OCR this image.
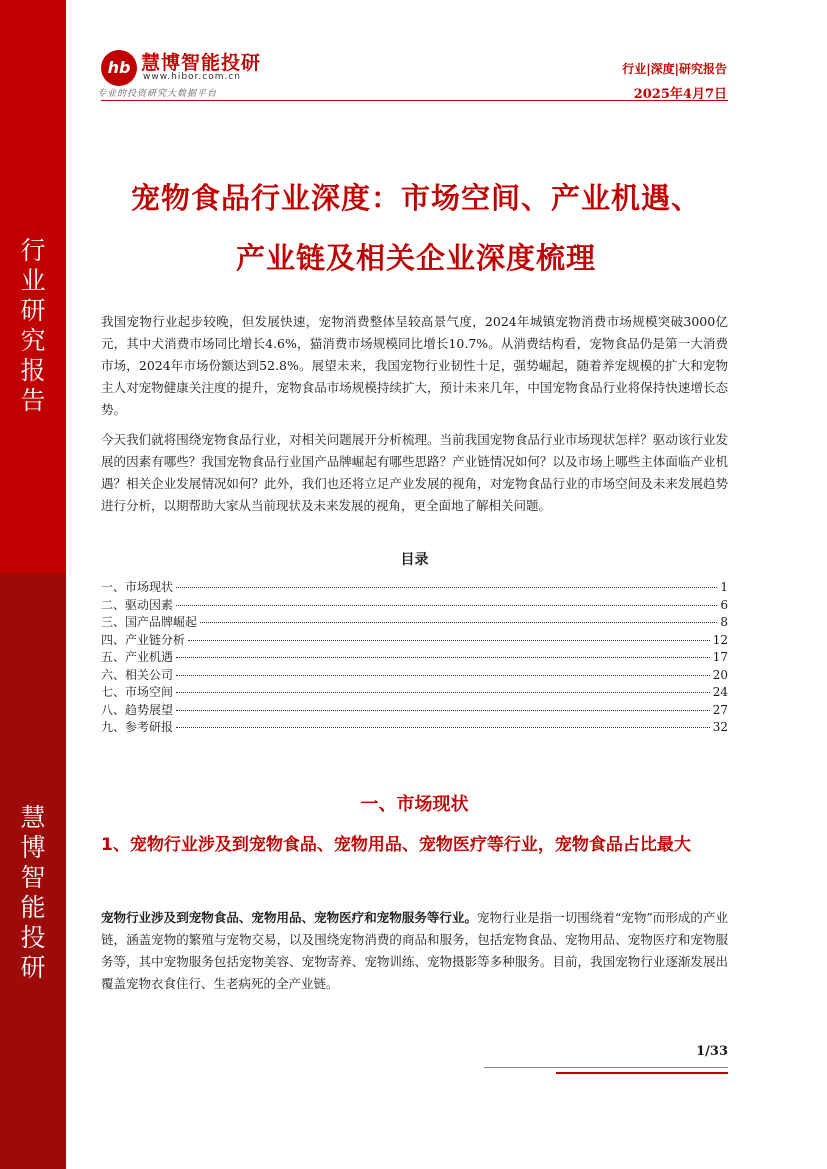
行
业
研
究
报
告
慧
博
智
能
投
研
hb 慧博智能投研
www.hibor.com.cn
专业的投资研究大数据平台
行业|深度|研究报告
2025年4月7日
宠物食品行业深度：市场空间、产业机遇、
产业链及相关企业深度梳理
我国宠物行业起步较晚，但发展快速，宠物消费整体呈较高景气度，2024年城镇宠物消费市场规模突破3000亿元，其中犬消费市场同比增长4.6%，猫消费市场规模同比增长10.7%。从消费结构看，宠物食品仍是第一大消费市场，2024年市场份额达到52.8%。展望未来，我国宠物行业韧性十足，强势崛起，随着养宠规模的扩大和宠物主人对宠物健康关注度的提升，宠物食品市场规模持续扩大，预计未来几年，中国宠物食品行业将保持快速增长态势。
今天我们就将围绕宠物食品行业，对相关问题展开分析梳理。当前我国宠物食品行业市场现状怎样？驱动该行业发展的因素有哪些？我国宠物食品行业国产品牌崛起有哪些思路？产业链情况如何？以及市场上哪些主体面临产业机遇？相关企业发展情况如何？此外，我们也还将立足产业发展的视角，对宠物食品行业的市场空间及未来发展趋势进行分析，以期帮助大家从当前现状及未来发展的视角，更全面地了解相关问题。
目录
一、市场现状	1
二、驱动因素	6
三、国产品牌崛起	8
四、产业链分析	12
五、产业机遇	17
六、相关公司	20
七、市场空间	24
八、趋势展望	27
九、参考研报	32
一、市场现状
1、宠物行业涉及到宠物食品、宠物用品、宠物医疗等行业，宠物食品占比最大
宠物行业涉及到宠物食品、宠物用品、宠物医疗和宠物服务等行业。宠物行业是指一切围绕着“宠物”而形成的产业链，涵盖宠物的繁殖与宠物交易，以及围绕宠物消费的商品和服务，包括宠物食品、宠物用品、宠物医疗和宠物服务等，其中宠物服务包括宠物美容、宠物寄养、宠物训练、宠物摄影等多种服务。目前，我国宠物行业逐渐发展出覆盖宠物衣食住行、生老病死的全产业链。
1/33
